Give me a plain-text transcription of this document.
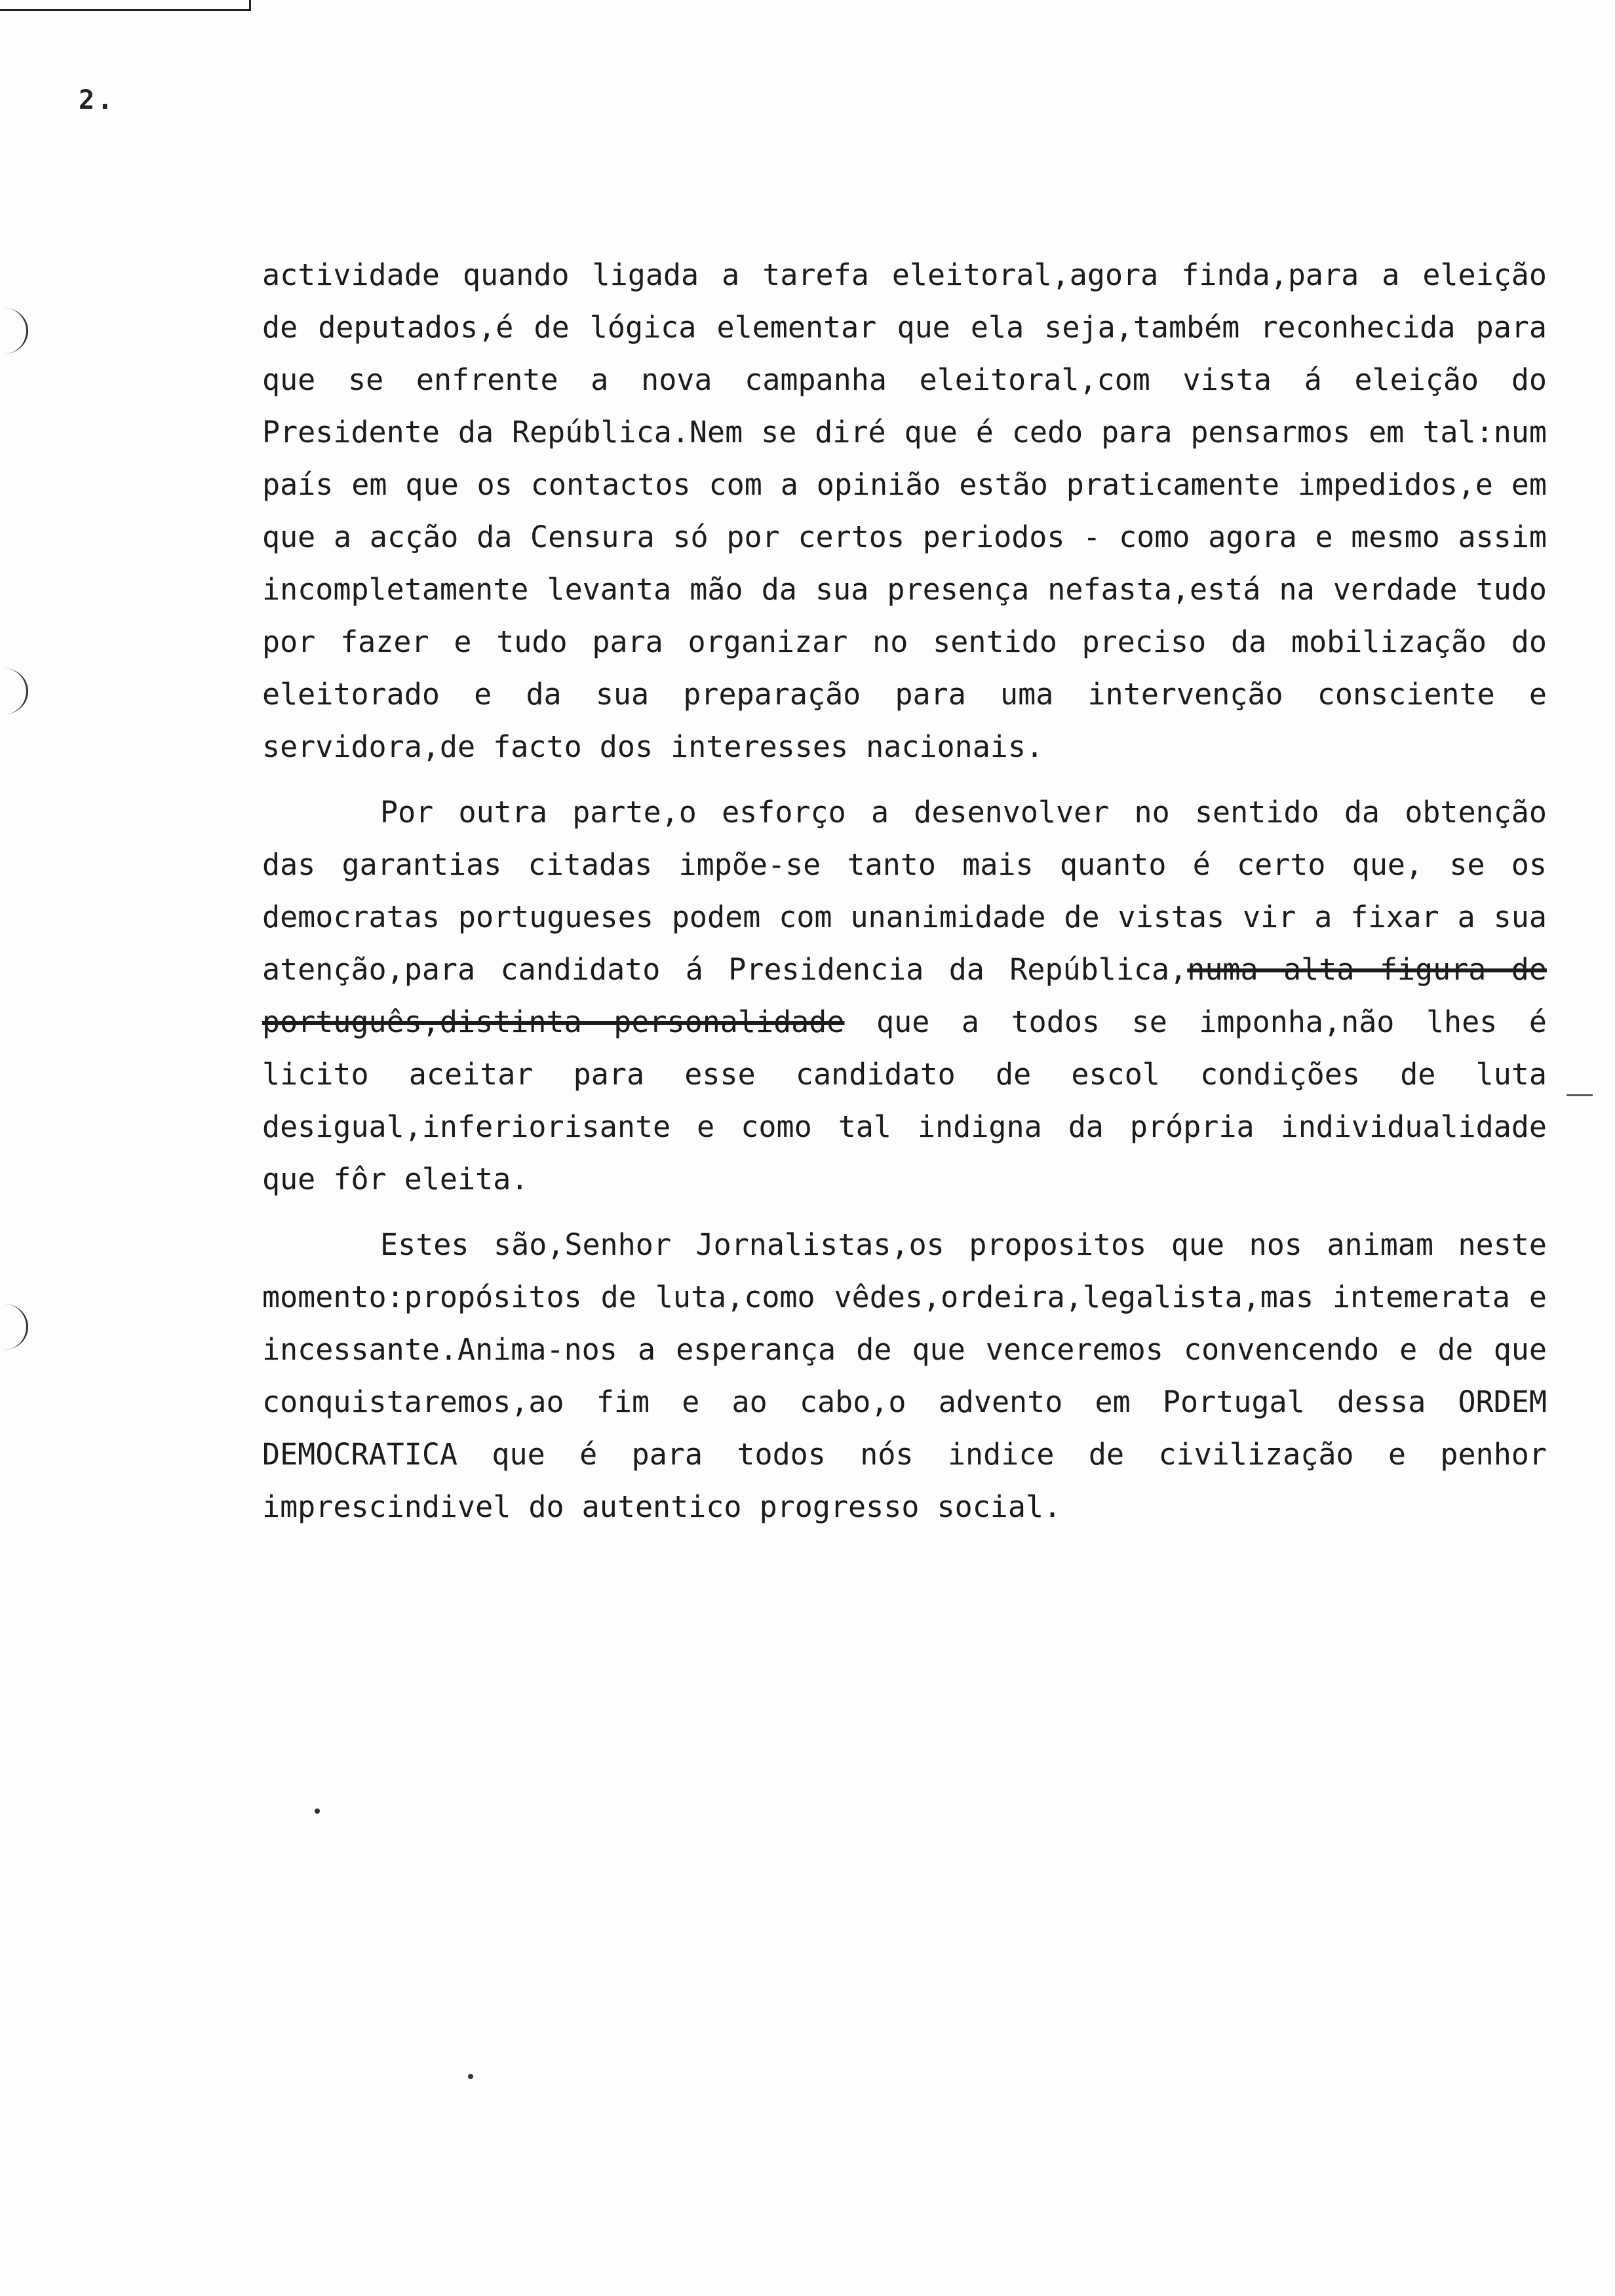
2.

actividade quando ligada a tarefa eleitoral,agora finda,para a eleição de deputados,é de lógica elementar que ela seja,também reconhecida para que se enfrente a nova campanha eleitoral,com vista á eleição do Presidente da República.Nem se diré que é cedo para pensarmos em tal:num país em que os contactos com a opinião estão praticamente impedidos,e em que a acção da Censura só por certos periodos - como agora e mesmo assim incompletamente levanta mão da sua presença nefasta,está na verdade tudo por fazer e tudo para organizar no sentido preciso da mobilização do eleitorado e da sua preparação para uma intervenção consciente e servidora,de facto dos interesses nacionais.

Por outra parte,o esforço a desenvolver no sentido da obtenção das garantias citadas impõe-se tanto mais quanto é certo que, se os democratas portugueses podem com unanimidade de vistas vir a fixar a sua atenção,para candidato á Presidencia da República,numa alta figura de português,distinta personalidade que a todos se imponha,não lhes é licito aceitar para esse candidato de escol condições de luta desigual,inferiorisante e como tal indigna da própria individualidade que fôr eleita.

Estes são,Senhor Jornalistas,os propositos que nos animam neste momento:propósitos de luta,como vêdes,ordeira,legalista,mas intemerata e incessante.Anima-nos a esperança de que venceremos convencendo e de que conquistaremos,ao fim e ao cabo,o advento em Portugal dessa ORDEM DEMOCRATICA que é para todos nós indice de civilização e penhor imprescindivel do autentico progresso social.
